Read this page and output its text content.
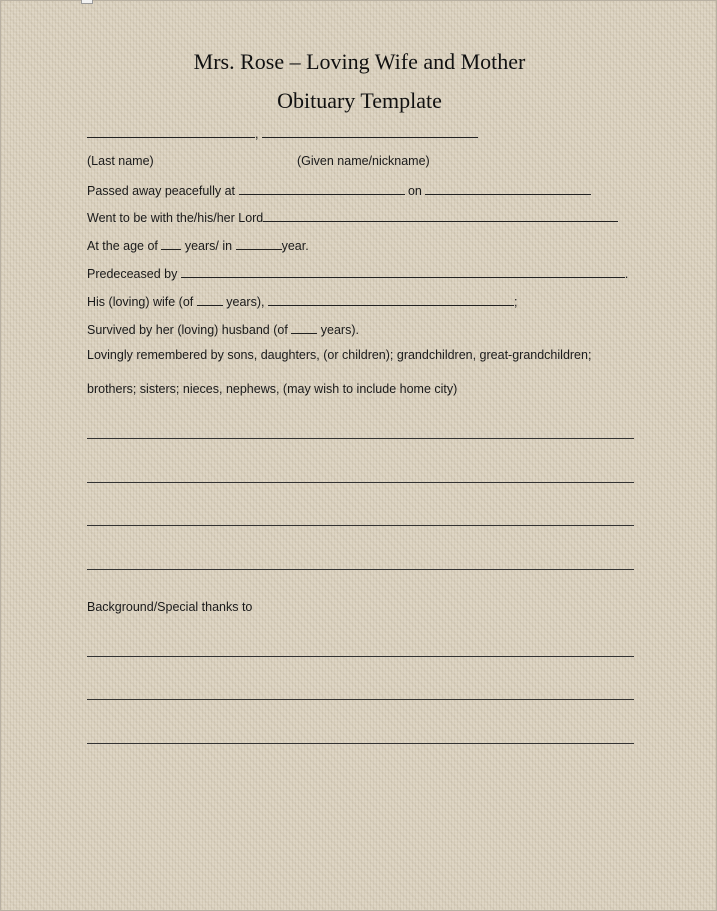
Mrs. Rose – Loving Wife and Mother
Obituary Template
,
(Last name)	(Given name/nickname)
Passed away peacefully at	on
Went to be with the/his/her Lord
At the age of years/ in	year.
Predeceased by	.
His (loving) wife (of	years),	;
Survived by her (loving) husband (of	years).
Lovingly remembered by sons, daughters, (or children); grandchildren, great-grandchildren;
brothers; sisters; nieces, nephews, (may wish to include home city)
Background/Special thanks to
